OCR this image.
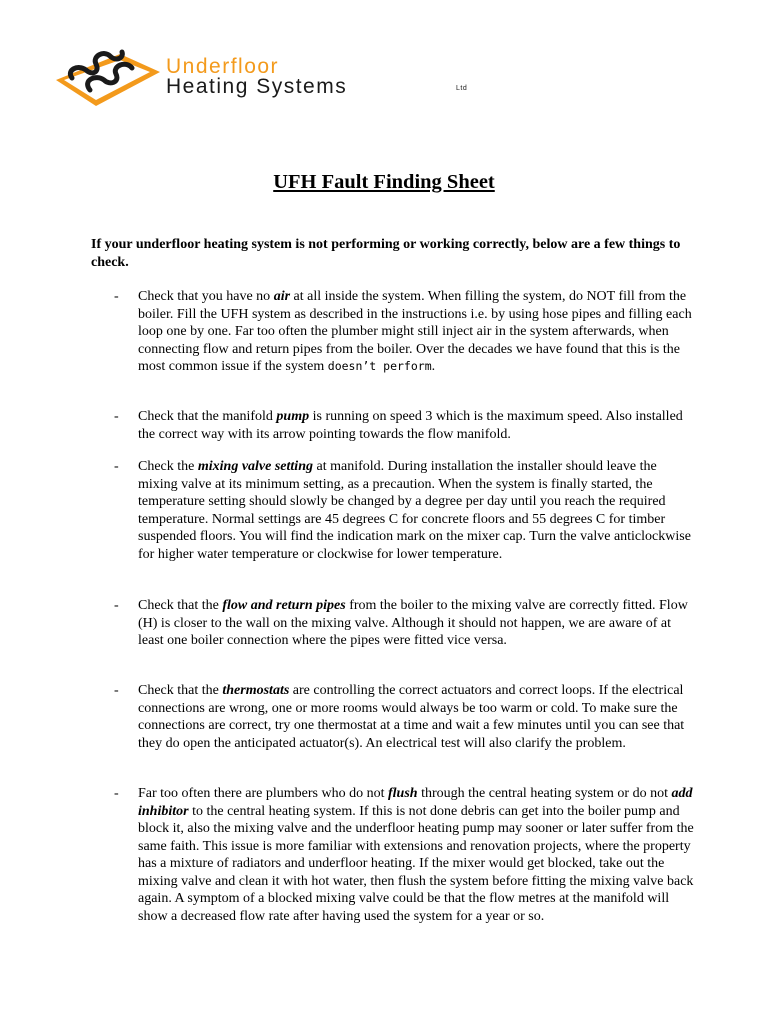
Underfloor
Heating Systems	Ltd
UFH Fault Finding Sheet
If your underfloor heating system is not performing or working correctly, below are a few things to check.
- Check that you have no air at all inside the system. When filling the system, do NOT fill from the boiler. Fill the UFH system as described in the instructions i.e. by using hose pipes and filling each loop one by one. Far too often the plumber might still inject air in the system afterwards, when connecting flow and return pipes from the boiler. Over the decades we have found that this is the most common issue if the system doesn’t perform.
- Check that the manifold pump is running on speed 3 which is the maximum speed. Also installed the correct way with its arrow pointing towards the flow manifold.
- Check the mixing valve setting at manifold. During installation the installer should leave the mixing valve at its minimum setting, as a precaution. When the system is finally started, the temperature setting should slowly be changed by a degree per day until you reach the required temperature. Normal settings are 45 degrees C for concrete floors and 55 degrees C for timber suspended floors. You will find the indication mark on the mixer cap. Turn the valve anticlockwise for higher water temperature or clockwise for lower temperature.
- Check that the flow and return pipes from the boiler to the mixing valve are correctly fitted. Flow (H) is closer to the wall on the mixing valve. Although it should not happen, we are aware of at least one boiler connection where the pipes were fitted vice versa.
- Check that the thermostats are controlling the correct actuators and correct loops. If the electrical connections are wrong, one or more rooms would always be too warm or cold. To make sure the connections are correct, try one thermostat at a time and wait a few minutes until you can see that they do open the anticipated actuator(s). An electrical test will also clarify the problem.
- Far too often there are plumbers who do not flush through the central heating system or do not add inhibitor to the central heating system. If this is not done debris can get into the boiler pump and block it, also the mixing valve and the underfloor heating pump may sooner or later suffer from the same faith. This issue is more familiar with extensions and renovation projects, where the property has a mixture of radiators and underfloor heating. If the mixer would get blocked, take out the mixing valve and clean it with hot water, then flush the system before fitting the mixing valve back again. A symptom of a blocked mixing valve could be that the flow metres at the manifold will show a decreased flow rate after having used the system for a year or so.
